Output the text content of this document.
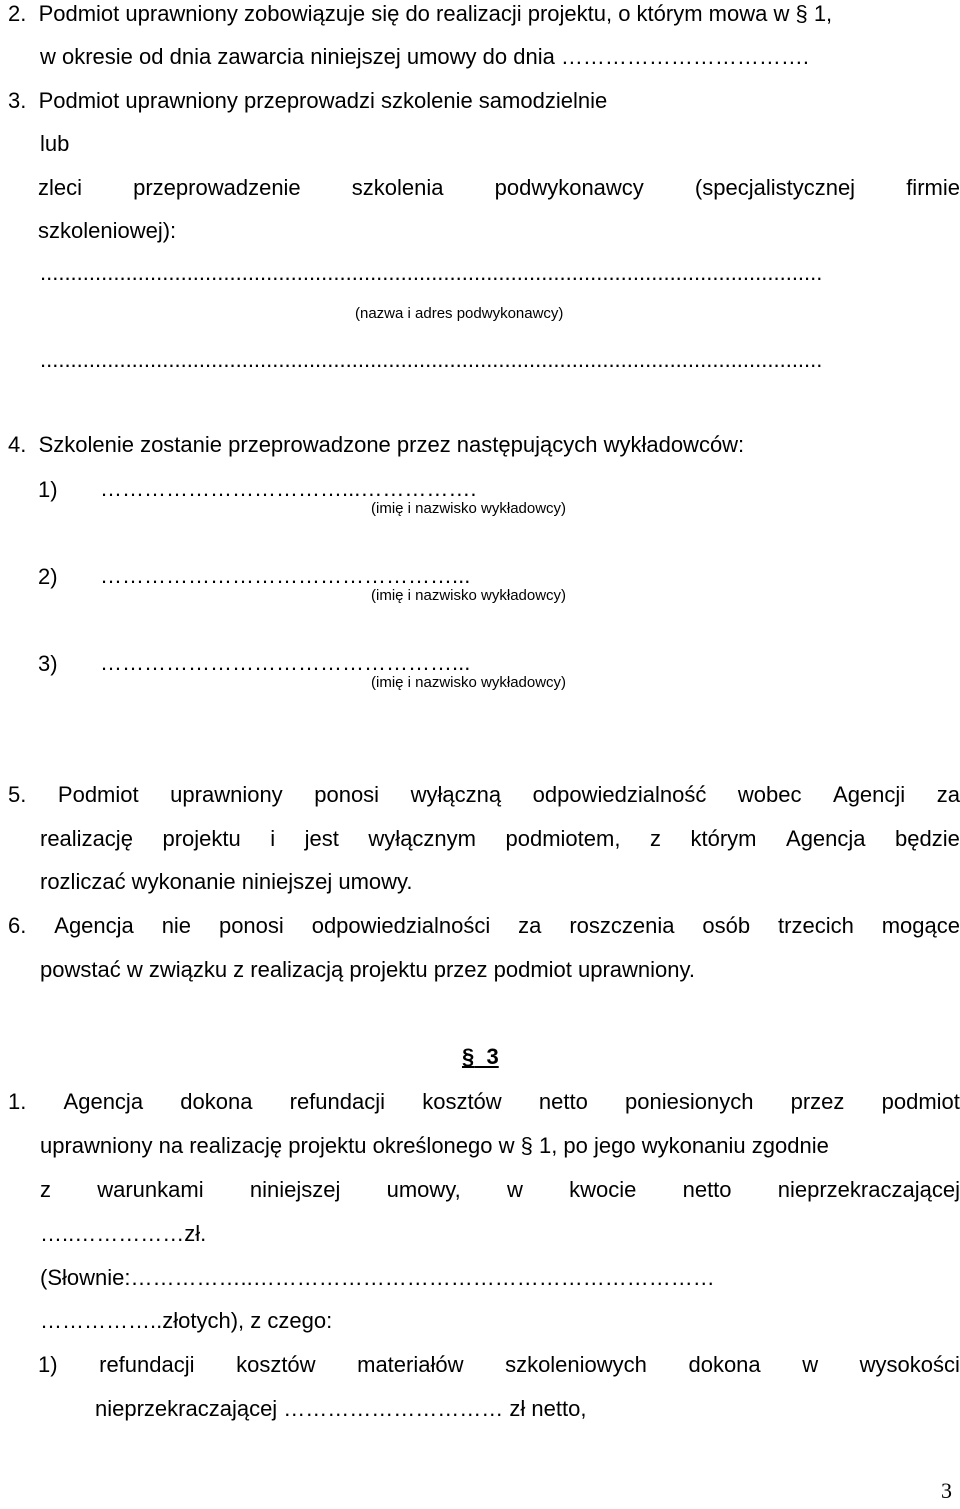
2.  Podmiot uprawniony zobowiązuje się do realizacji projektu, o którym mowa w § 1,
w okresie od dnia zawarcia niniejszej umowy do dnia …………………………….
3.  Podmiot uprawniony przeprowadzi szkolenie samodzielnie
lub
zleci przeprowadzenie szkolenia podwykonawcy (specjalistycznej firmie
szkoleniowej):
................................................................................................................................
(nazwa i adres podwykonawcy)
................................................................................................................................
4.  Szkolenie zostanie przeprowadzone przez następujących wykładowców:
1) ……………………………...…………….
(imię i nazwisko wykładowcy)
2) …………………………………………...
(imię i nazwisko wykładowcy)
3) …………………………………………...
(imię i nazwisko wykładowcy)
5. Podmiot uprawniony ponosi wyłączną odpowiedzialność wobec Agencji za
realizację projektu i jest wyłącznym podmiotem, z którym Agencja będzie
rozliczać wykonanie niniejszej umowy.
6. Agencja nie ponosi odpowiedzialności za roszczenia osób trzecich mogące
powstać w związku z realizacją projektu przez podmiot uprawniony.
§ 3
1. Agencja dokona refundacji kosztów netto poniesionych przez podmiot
uprawniony na realizację projektu określonego w § 1, po jego wykonaniu zgodnie
z warunkami niniejszej umowy, w kwocie netto nieprzekraczającej
…..……………zł.
(Słownie:……………..………………………………………………………
……………..złotych), z czego:
1) refundacji kosztów materiałów szkoleniowych dokona w wysokości
nieprzekraczającej ………………………… zł netto,
3
